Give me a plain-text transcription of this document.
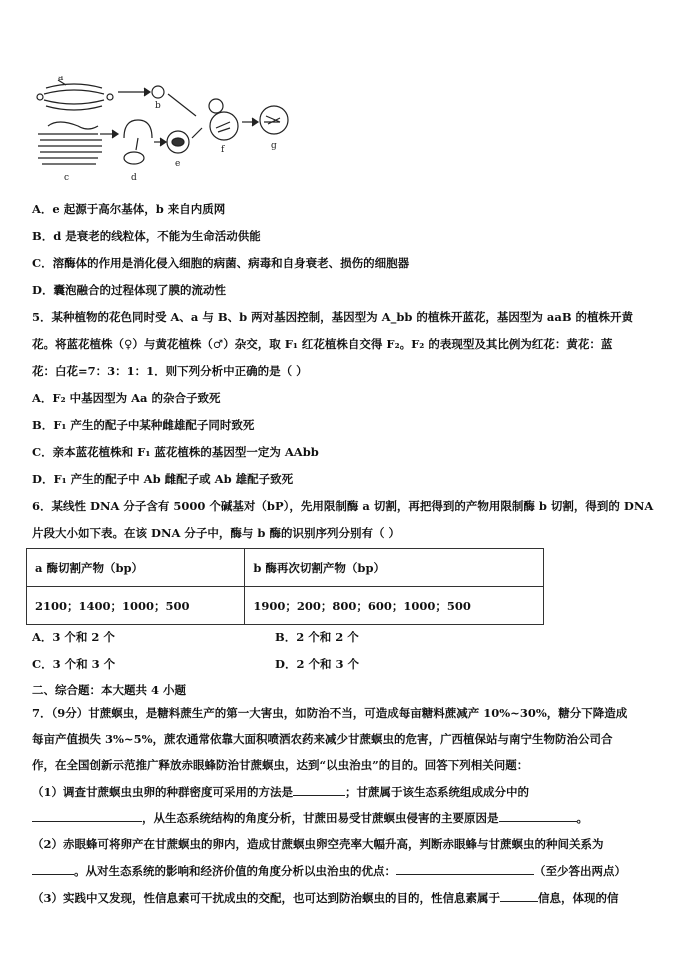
a
b
c	d
e
f	g
A．e 起源于高尔基体，b 来自内质网
B．d 是衰老的线粒体，不能为生命活动供能
C．溶酶体的作用是消化侵入细胞的病菌、病毒和自身衰老、损伤的细胞器
D．囊泡融合的过程体现了膜的流动性
5．某种植物的花色同时受 A、a 与 B、b 两对基因控制，基因型为 A_bb 的植株开蓝花，基因型为 aaB 的植株开黄
花。将蓝花植株（♀）与黄花植株（♂）杂交，取 F₁ 红花植株自交得 F₂。F₂ 的表现型及其比例为红花：黄花：蓝
花：白花=7：3：1：1．则下列分析中正确的是（ ）
A．F₂ 中基因型为 Aa 的杂合子致死
B．F₁ 产生的配子中某种雌雄配子同时致死
C．亲本蓝花植株和 F₁ 蓝花植株的基因型一定为 AAbb
D．F₁ 产生的配子中 Ab 雌配子或 Ab 雄配子致死
6．某线性 DNA 分子含有 5000 个碱基对（bP），先用限制酶 a 切割，再把得到的产物用限制酶 b 切割，得到的 DNA
片段大小如下表。在该 DNA 分子中，酶与 b 酶的识别序列分别有（ ）
a 酶切割产物（bp）	b 酶再次切割产物（bp）
2100；1400；1000；500	1900；200；800；600；1000；500
A．3 个和 2 个	B．2 个和 2 个
C．3 个和 3 个	D．2 个和 3 个
二、综合题：本大题共 4 小题
7．（9分）甘蔗螟虫，是糖料蔗生产的第一大害虫，如防治不当，可造成每亩糖料蔗减产 10%~30%，糖分下降造成
每亩产值损失 3%~5%，蔗农通常依靠大面积喷洒农药来减少甘蔗螟虫的危害，广西植保站与南宁生物防治公司合
作，在全国创新示范推广释放赤眼蜂防治甘蔗螟虫，达到“以虫治虫”的目的。回答下列相关问题：
（1）调查甘蔗螟虫虫卵的种群密度可采用的方法是	；甘蔗属于该生态系统组成成分中的
，从生态系统结构的角度分析，甘蔗田易受甘蔗螟虫侵害的主要原因是	。
（2）赤眼蜂可将卵产在甘蔗螟虫的卵内，造成甘蔗螟虫卵空壳率大幅升高，判断赤眼蜂与甘蔗螟虫的种间关系为
。从对生态系统的影响和经济价值的角度分析以虫治虫的优点：	（至少答出两点）
（3）实践中又发现，性信息素可干扰成虫的交配，也可达到防治螟虫的目的，性信息素属于	信息，体现的信
